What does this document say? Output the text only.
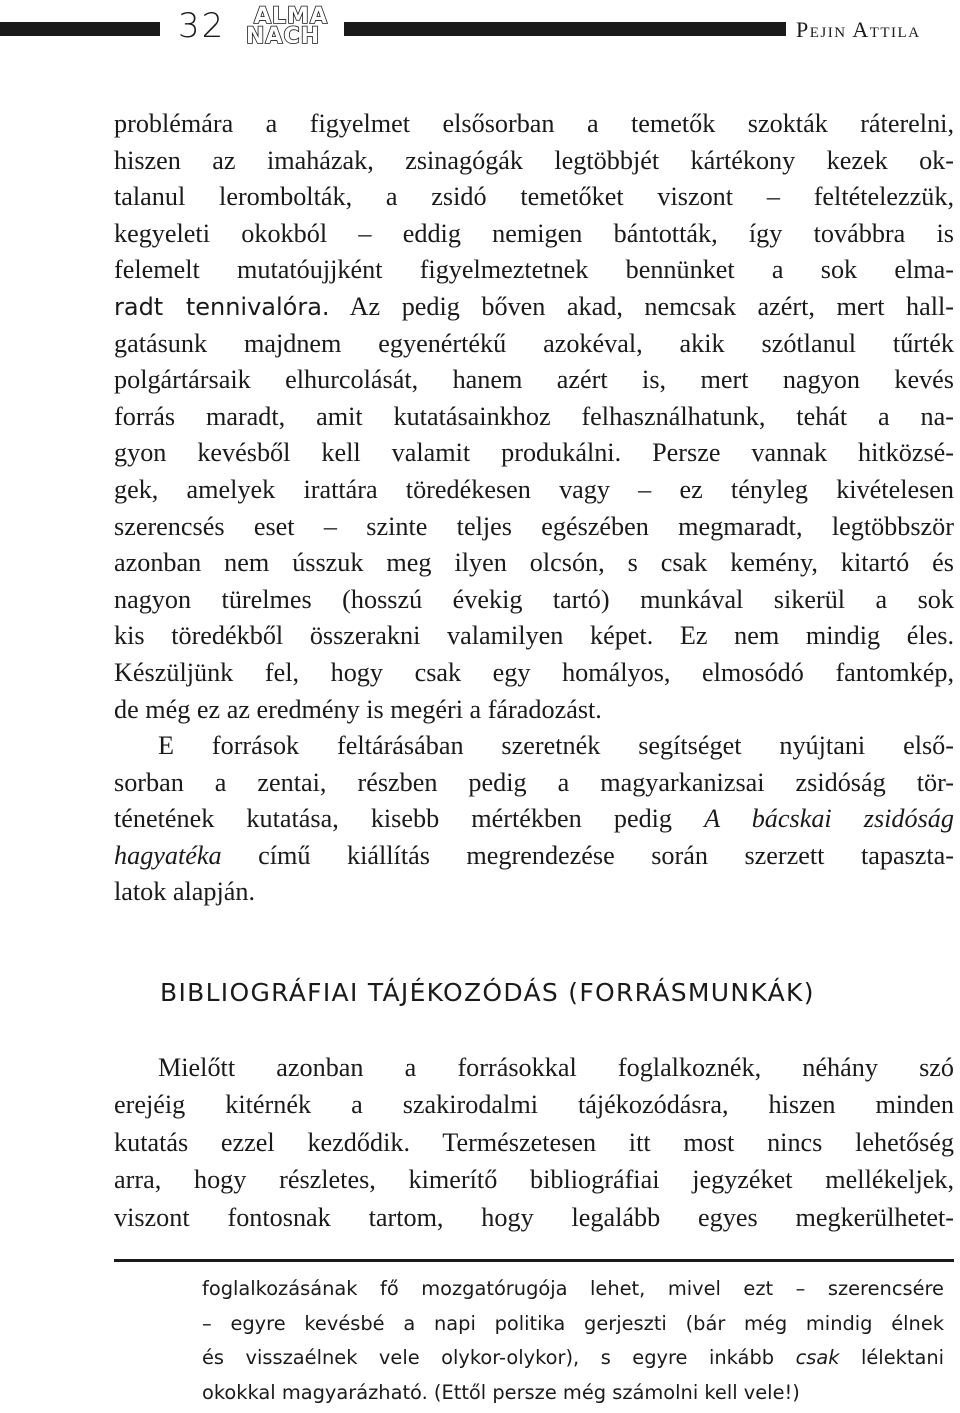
32 ALMA
NACH	Pejin Attila
problémára a figyelmet elsősorban a temetők szokták ráterelni,
hiszen az imaházak, zsinagógák legtöbbjét kártékony kezek ok-
talanul lerombolták, a zsidó temetőket viszont – feltételezzük,
kegyeleti okokból – eddig nemigen bántották, így továbbra is
felemelt mutatóujjként figyelmeztetnek bennünket a sok elma-
radt tennivalóra. Az pedig bőven akad, nemcsak azért, mert hall-
gatásunk majdnem egyenértékű azokéval, akik szótlanul tűrték
polgártársaik elhurcolását, hanem azért is, mert nagyon kevés
forrás maradt, amit kutatásainkhoz felhasználhatunk, tehát a na-
gyon kevésből kell valamit produkálni. Persze vannak hitközsé-
gek, amelyek irattára töredékesen vagy – ez tényleg kivételesen
szerencsés eset – szinte teljes egészében megmaradt, legtöbbször
azonban nem ússzuk meg ilyen olcsón, s csak kemény, kitartó és
nagyon türelmes (hosszú évekig tartó) munkával sikerül a sok
kis töredékből összerakni valamilyen képet. Ez nem mindig éles.
Készüljünk fel, hogy csak egy homályos, elmosódó fantomkép,
de még ez az eredmény is megéri a fáradozást.
E források feltárásában szeretnék segítséget nyújtani első-
sorban a zentai, részben pedig a magyarkanizsai zsidóság tör-
ténetének kutatása, kisebb mértékben pedig A bácskai zsidóság
hagyatéka című kiállítás megrendezése során szerzett tapaszta-
latok alapján.
BIBLIOGRÁFIAI TÁJÉKOZÓDÁS (FORRÁSMUNKÁK)
Mielőtt azonban a forrásokkal foglalkoznék, néhány szó
erejéig kitérnék a szakirodalmi tájékozódásra, hiszen minden
kutatás ezzel kezdődik. Természetesen itt most nincs lehetőség
arra, hogy részletes, kimerítő bibliográfiai jegyzéket mellékeljek,
viszont fontosnak tartom, hogy legalább egyes megkerülhetet-
foglalkozásának fő mozgatórugója lehet, mivel ezt – szerencsére
– egyre kevésbé a napi politika gerjeszti (bár még mindig élnek
és visszaélnek vele olykor-olykor), s egyre inkább csak lélektani
okokkal magyarázható. (Ettől persze még számolni kell vele!)
